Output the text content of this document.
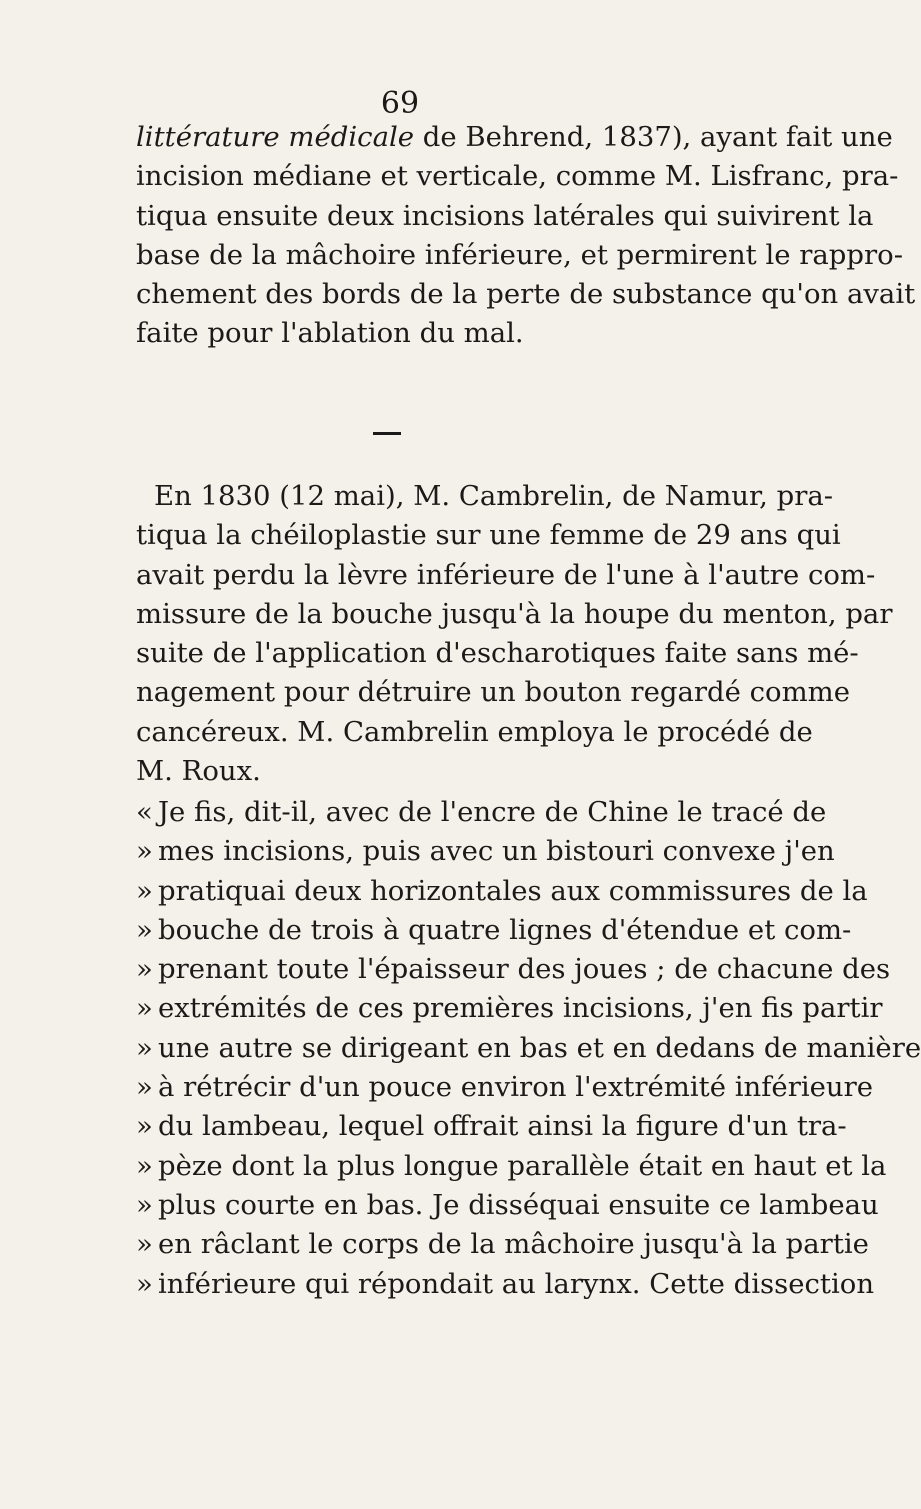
69
littérature médicale de Behrend, 1837), ayant fait une
incision médiane et verticale, comme M. Lisfranc, pra-
tiqua ensuite deux incisions latérales qui suivirent la
base de la mâchoire inférieure, et permirent le rappro-
chement des bords de la perte de substance qu'on avait
faite pour l'ablation du mal.
En 1830 (12 mai), M. Cambrelin, de Namur, pra-
tiqua la chéiloplastie sur une femme de 29 ans qui
avait perdu la lèvre inférieure de l'une à l'autre com-
missure de la bouche jusqu'à la houpe du menton, par
suite de l'application d'escharotiques faite sans mé-
nagement pour détruire un bouton regardé comme
cancéreux. M. Cambrelin employa le procédé de
M. Roux.
« Je fis, dit-il, avec de l'encre de Chine le tracé de
» mes incisions, puis avec un bistouri convexe j'en
» pratiquai deux horizontales aux commissures de la
» bouche de trois à quatre lignes d'étendue et com-
» prenant toute l'épaisseur des joues ; de chacune des
» extrémités de ces premières incisions, j'en fis partir
» une autre se dirigeant en bas et en dedans de manière
» à rétrécir d'un pouce environ l'extrémité inférieure
» du lambeau, lequel offrait ainsi la figure d'un tra-
» pèze dont la plus longue parallèle était en haut et la
» plus courte en bas. Je disséquai ensuite ce lambeau
» en râclant le corps de la mâchoire jusqu'à la partie
» inférieure qui répondait au larynx. Cette dissection
